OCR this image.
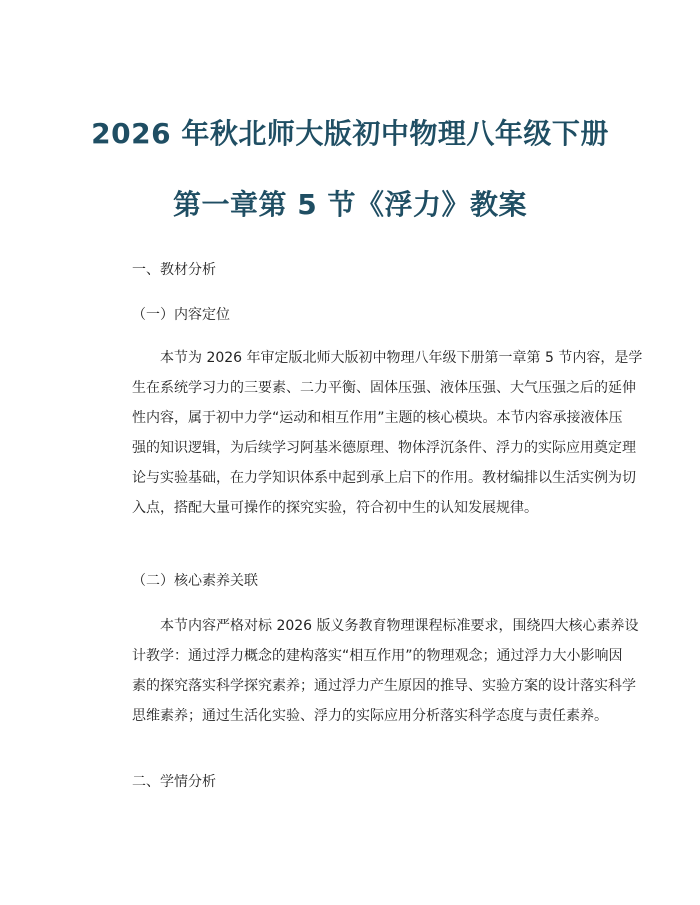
2026 年秋北师大版初中物理八年级下册
第一章第 5 节《浮力》教案
一、教材分析
（一）内容定位
本节为 2026 年审定版北师大版初中物理八年级下册第一章第 5 节内容，是学
生在系统学习力的三要素、二力平衡、固体压强、液体压强、大气压强之后的延伸
性内容，属于初中力学“运动和相互作用”主题的核心模块。本节内容承接液体压
强的知识逻辑，为后续学习阿基米德原理、物体浮沉条件、浮力的实际应用奠定理
论与实验基础，在力学知识体系中起到承上启下的作用。教材编排以生活实例为切
入点，搭配大量可操作的探究实验，符合初中生的认知发展规律。
（二）核心素养关联
本节内容严格对标 2026 版义务教育物理课程标准要求，围绕四大核心素养设
计教学：通过浮力概念的建构落实“相互作用”的物理观念；通过浮力大小影响因
素的探究落实科学探究素养；通过浮力产生原因的推导、实验方案的设计落实科学
思维素养；通过生活化实验、浮力的实际应用分析落实科学态度与责任素养。
二、学情分析
